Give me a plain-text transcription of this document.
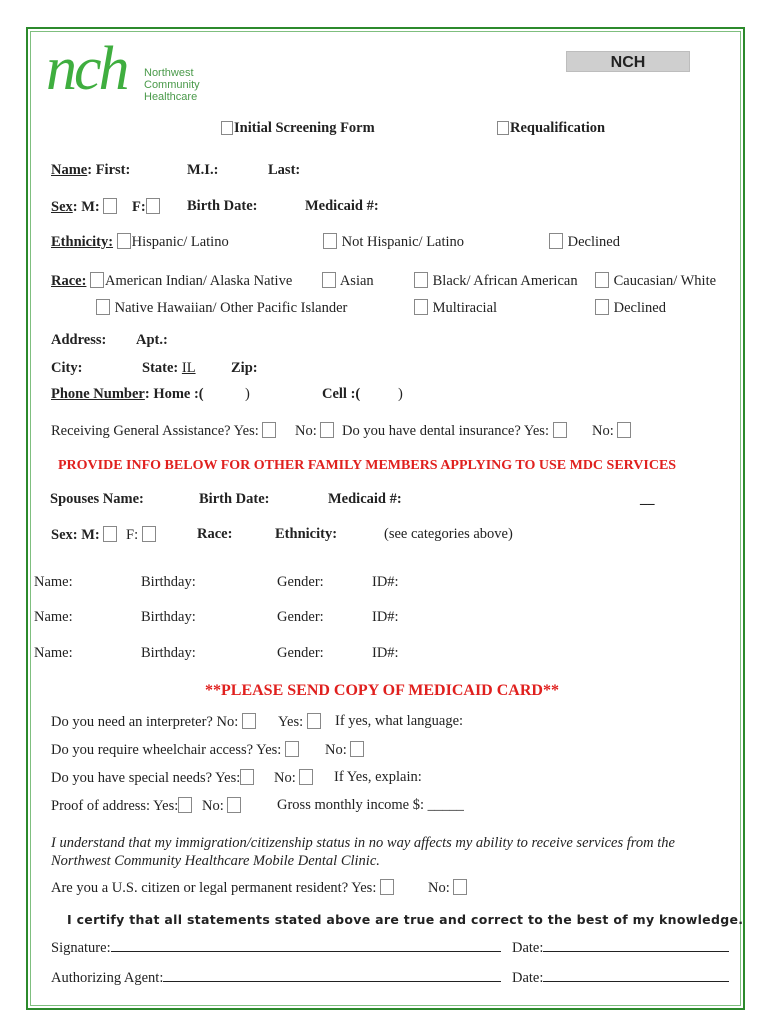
nch Northwest
Community
Healthcare
NCH
Initial Screening Form	Requalification
Name: First:	M.I.:	Last:
Sex: M:	F:	Birth Date:	Medicaid #:
Ethnicity: Hispanic/ Latino	Not Hispanic/ Latino	Declined
Race: American Indian/ Alaska Native	Asian	Black/ African American	Caucasian/ White
Native Hawaiian/ Other Pacific Islander	Multiracial	Declined
Address: Apt.:
City:	State: IL Zip:
Phone Number: Home :(	)	Cell :(	)
Receiving General Assistance? Yes:	No:	Do you have dental insurance? Yes:	No:
PROVIDE INFO BELOW FOR OTHER FAMILY MEMBERS APPLYING TO USE MDC SERVICES
Spouses Name:	Birth Date:	Medicaid #:	__
Sex: M:	F:	Race:	Ethnicity:	(see categories above)
Name:	Birthday:	Gender:	ID#:
Name:	Birthday:	Gender:	ID#:
Name:	Birthday:	Gender:	ID#:
**PLEASE SEND COPY OF MEDICAID CARD**
Do you need an interpreter? No:	Yes:	If yes, what language:
Do you require wheelchair access? Yes:	No:
Do you have special needs? Yes:	No:	If Yes, explain:
Proof of address: Yes:	No:	Gross monthly income $: _____
I understand that my immigration/citizenship status in no way affects my ability to receive services from the Northwest Community Healthcare Mobile Dental Clinic.
Are you a U.S. citizen or legal permanent resident? Yes:	No:
I certify that all statements stated above are true and correct to the best of my knowledge.
Signature:	Date:
Authorizing Agent:	Date:
